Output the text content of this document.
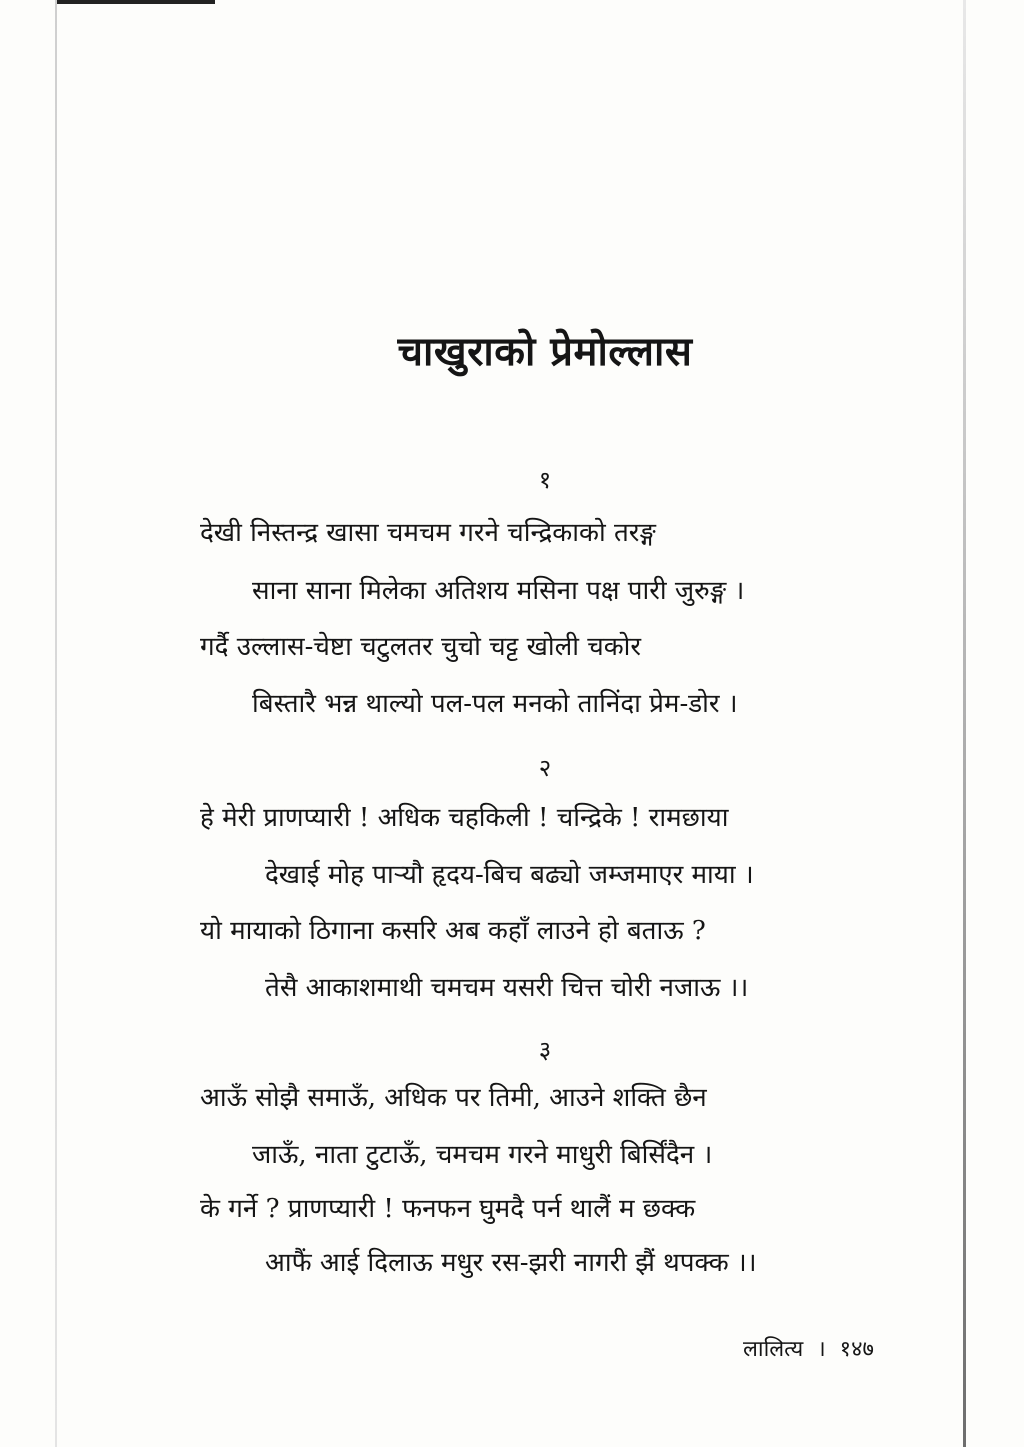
चाखुराको प्रेमोल्लास
१
देखी निस्तन्द्र खासा चमचम गरने चन्द्रिकाको तरङ्ग
साना साना मिलेका अतिशय मसिना पक्ष पारी जुरुङ्ग ।
गर्दै उल्लास-चेष्टा चटुलतर चुचो चट्ट खोली चकोर
बिस्तारै भन्न थाल्यो पल-पल मनको तानिंदा प्रेम-डोर ।
२
हे मेरी प्राणप्यारी ! अधिक चहकिली ! चन्द्रिके ! रामछाया
देखाई मोह पार्‍यौ हृदय-बिच बढ्यो जम्जमाएर माया ।
यो मायाको ठिगाना कसरि अब कहाँ लाउने हो बताऊ ?
तेसै आकाशमाथी चमचम यसरी चित्त चोरी नजाऊ ।।
३
आऊँ सोझै समाऊँ, अधिक पर तिमी, आउने शक्ति छैन
जाऊँ, नाता टुटाऊँ, चमचम गरने माधुरी बिर्सिंदैन ।
के गर्ने ? प्राणप्यारी ! फनफन घुमदै पर्न थालैं म छक्क
आफैं आई दिलाऊ मधुर रस-झरी नागरी झैं थपक्क ।।
लालित्य । १४७
